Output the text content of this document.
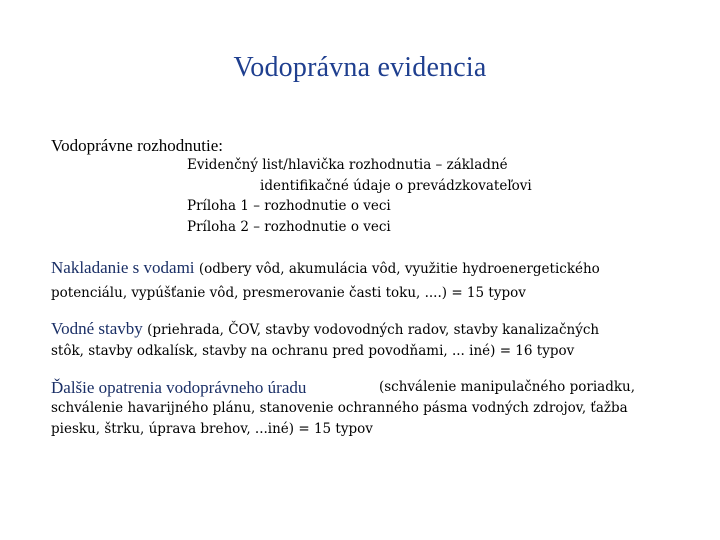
Vodoprávna evidencia
Vodoprávne rozhodnutie:
Evidenčný list/hlavička rozhodnutia – základné
identifikačné údaje o prevádzkovateľovi
Príloha 1 – rozhodnutie o veci
Príloha 2 – rozhodnutie o veci
Nakladanie s vodami (odbery vôd, akumulácia vôd, využitie hydroenergetického
potenciálu, vypúšťanie vôd, presmerovanie časti toku, ....) = 15 typov
Vodné stavby (priehrada, ČOV, stavby vodovodných radov, stavby kanalizačných
stôk, stavby odkalísk, stavby na ochranu pred povodňami, ... iné) = 16 typov
Ďalšie opatrenia vodoprávneho úradu	(schválenie manipulačného poriadku,
schválenie havarijného plánu, stanovenie ochranného pásma vodných zdrojov, ťažba
piesku, štrku, úprava brehov, ...iné) = 15 typov
